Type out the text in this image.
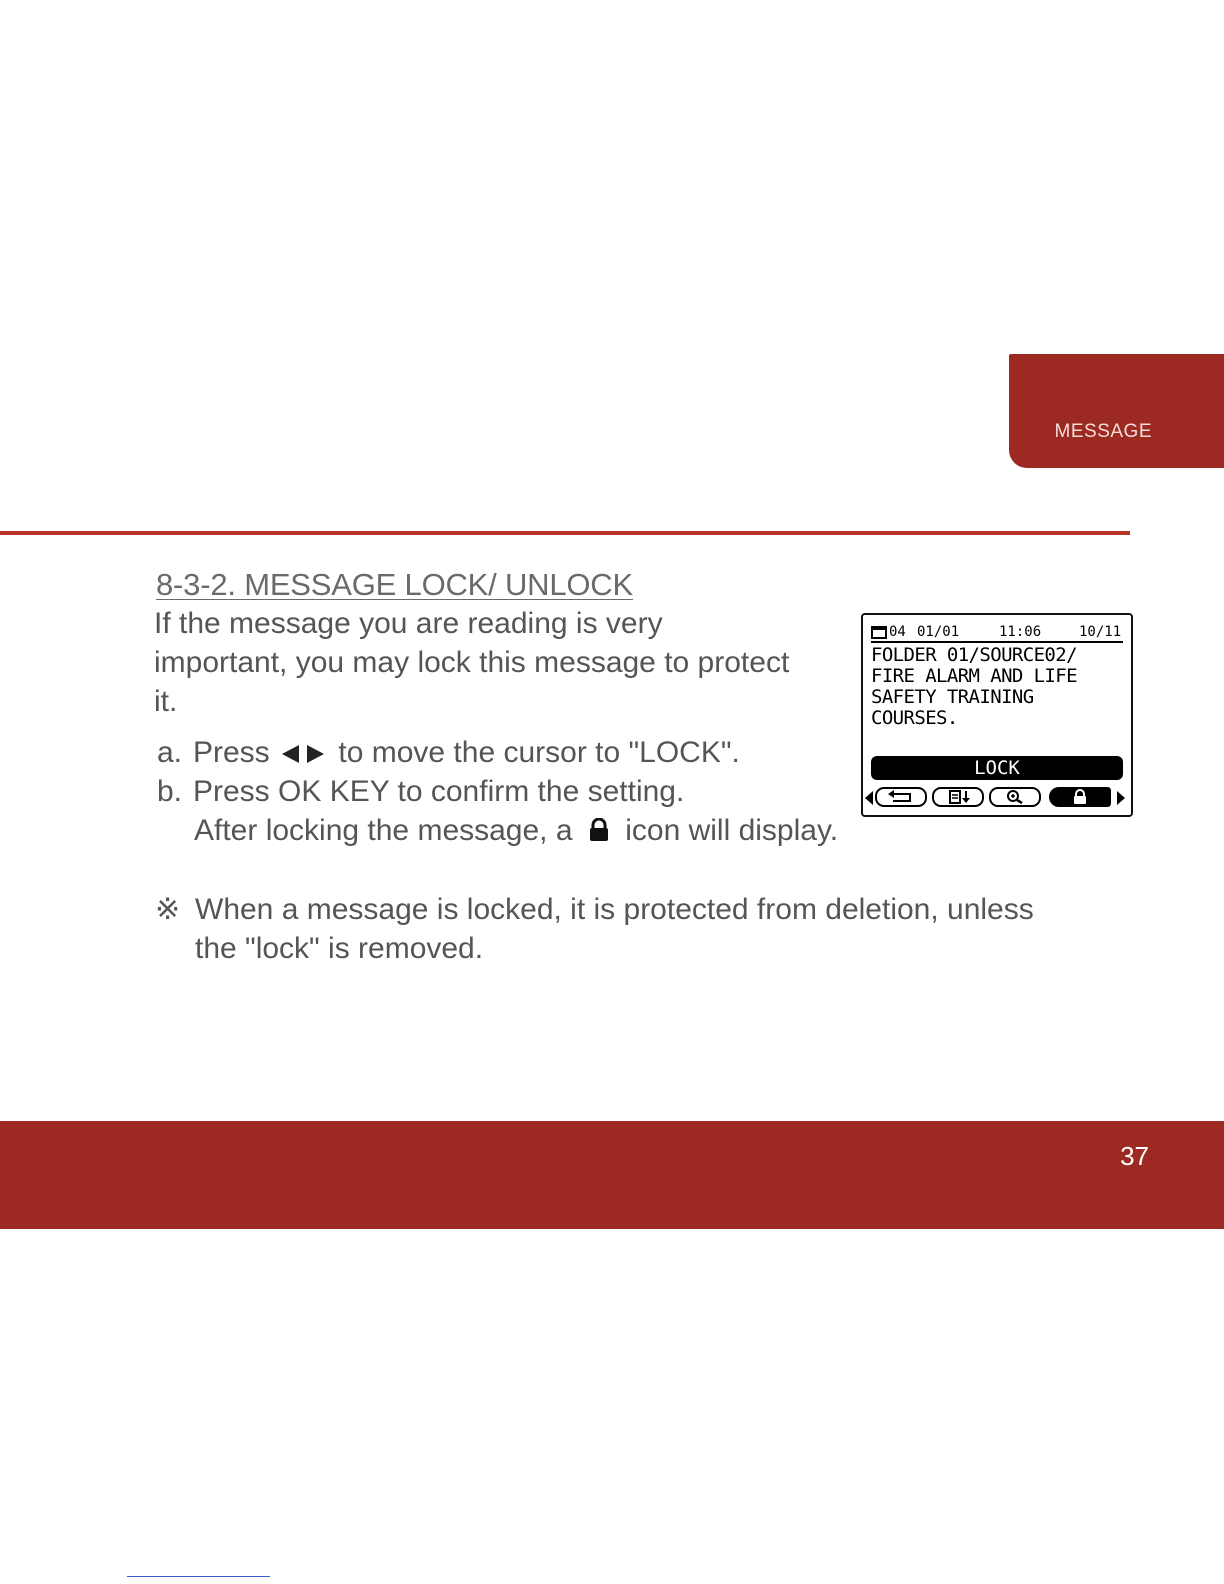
MESSAGE
8-3-2. MESSAGE LOCK/ UNLOCK
If the message you are reading is very important, you may lock this message to protect it.
a. Press to move the cursor to "LOCK".
b. Press OK KEY to confirm the setting.
After locking the message, a icon will display.
※ When a message is locked, it is protected from deletion, unless
the "lock" is removed.
04 01/01	11:06	10/11
FOLDER 01/SOURCE02/
FIRE ALARM AND LIFE
SAFETY TRAINING
COURSES.
LOCK
37
